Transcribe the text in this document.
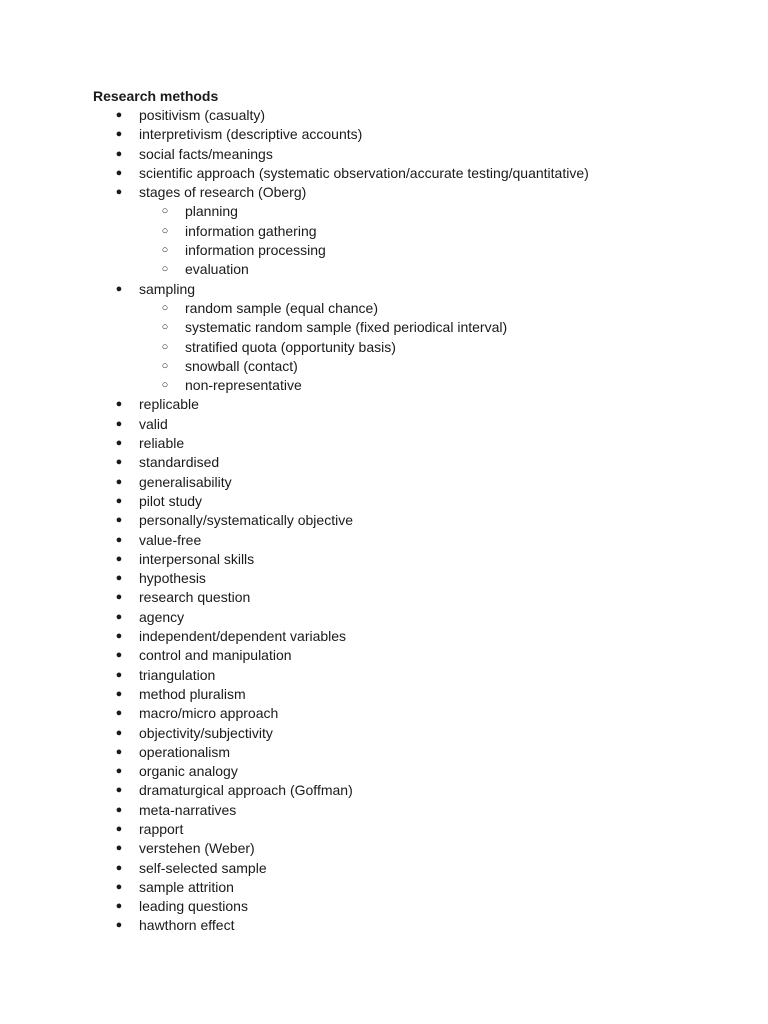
Research methods
● positivism (casualty)
● interpretivism (descriptive accounts)
● social facts/meanings
● scientific approach (systematic observation/accurate testing/quantitative)
● stages of research (Oberg)
○ planning
○ information gathering
○ information processing
○ evaluation
● sampling
○ random sample (equal chance)
○ systematic random sample (fixed periodical interval)
○ stratified quota (opportunity basis)
○ snowball (contact)
○ non-representative
● replicable
● valid
● reliable
● standardised
● generalisability
● pilot study
● personally/systematically objective
● value-free
● interpersonal skills
● hypothesis
● research question
● agency
● independent/dependent variables
● control and manipulation
● triangulation
● method pluralism
● macro/micro approach
● objectivity/subjectivity
● operationalism
● organic analogy
● dramaturgical approach (Goffman)
● meta-narratives
● rapport
● verstehen (Weber)
● self-selected sample
● sample attrition
● leading questions
● hawthorn effect
